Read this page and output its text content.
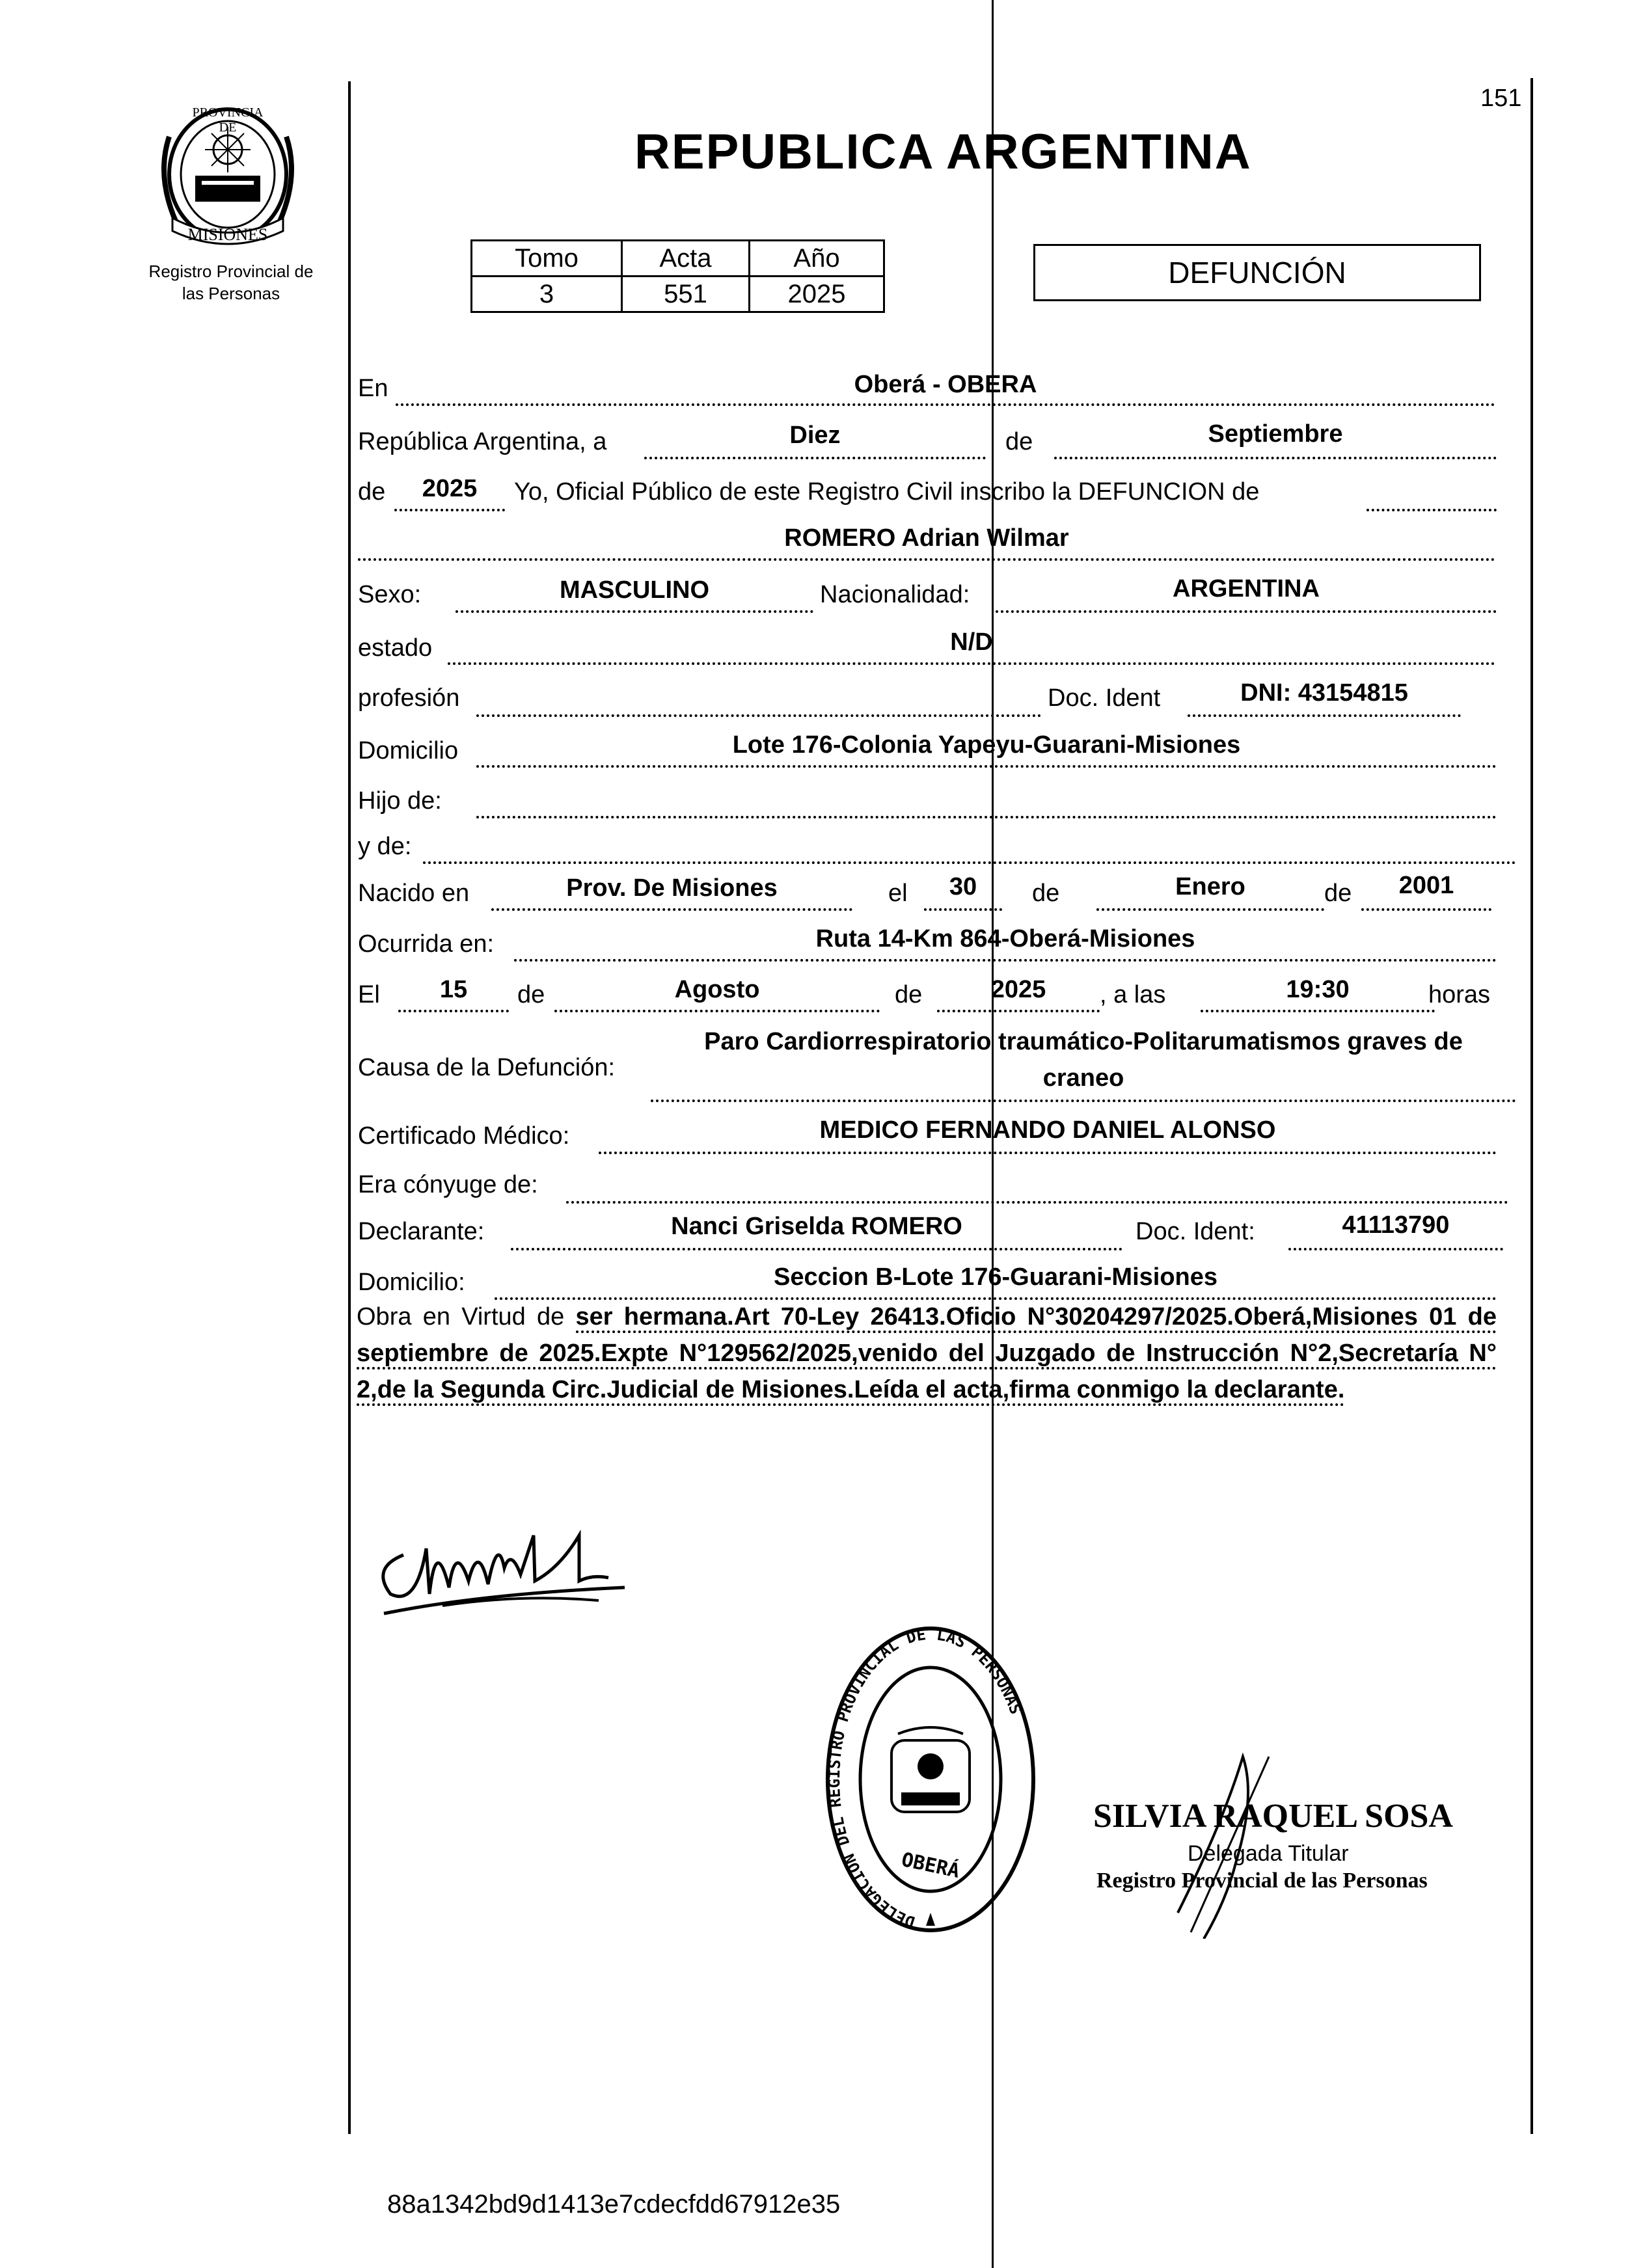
PROVINCIA DE
MISIONES
Registro Provincial de
las Personas
151
REPUBLICA ARGENTINA
Tomo	Acta	Año
3	551	2025
DEFUNCIÓN
En	Oberá - OBERA
República Argentina, a	Diez	de	Septiembre
de	2025	Yo, Oficial Público de este Registro Civil inscribo la DEFUNCION de
ROMERO Adrian Wilmar
Sexo:	MASCULINO	Nacionalidad:	ARGENTINA
estado	N/D
profesión	Doc. Ident	DNI: 43154815
Domicilio	Lote 176-Colonia Yapeyu-Guarani-Misiones
Hijo de:
y de:
Nacido en	Prov. De Misiones	el	30	de	Enero	de	2001
Ocurrida en:	Ruta 14-Km 864-Oberá-Misiones
El	15	de	Agosto	de	2025	, a las	19:30	horas
Causa de la Defunción:
Paro Cardiorrespiratorio traumático-Politarumatismos graves de
craneo
Certificado Médico:	MEDICO FERNANDO DANIEL ALONSO
Era cónyuge de:
Declarante:	Nanci Griselda ROMERO	Doc. Ident:	41113790
Domicilio:	Seccion B-Lote 176-Guarani-Misiones
Obra en Virtud de ser hermana.Art 70-Ley 26413.Oficio N°30204297/2025.Oberá,Misiones 01 de septiembre de 2025.Expte N°129562/2025,venido del Juzgado de Instrucción N°2,Secretaría N° 2,de la Segunda Circ.Judicial de Misiones.Leída el acta,firma conmigo la declarante.
DELEGACION DEL REGISTRO PROVINCIAL DE LAS PERSONAS
OBERÁ
SILVIA RAQUEL SOSA
Delegada Titular
Registro Provincial de las Personas
88a1342bd9d1413e7cdecfdd67912e35
